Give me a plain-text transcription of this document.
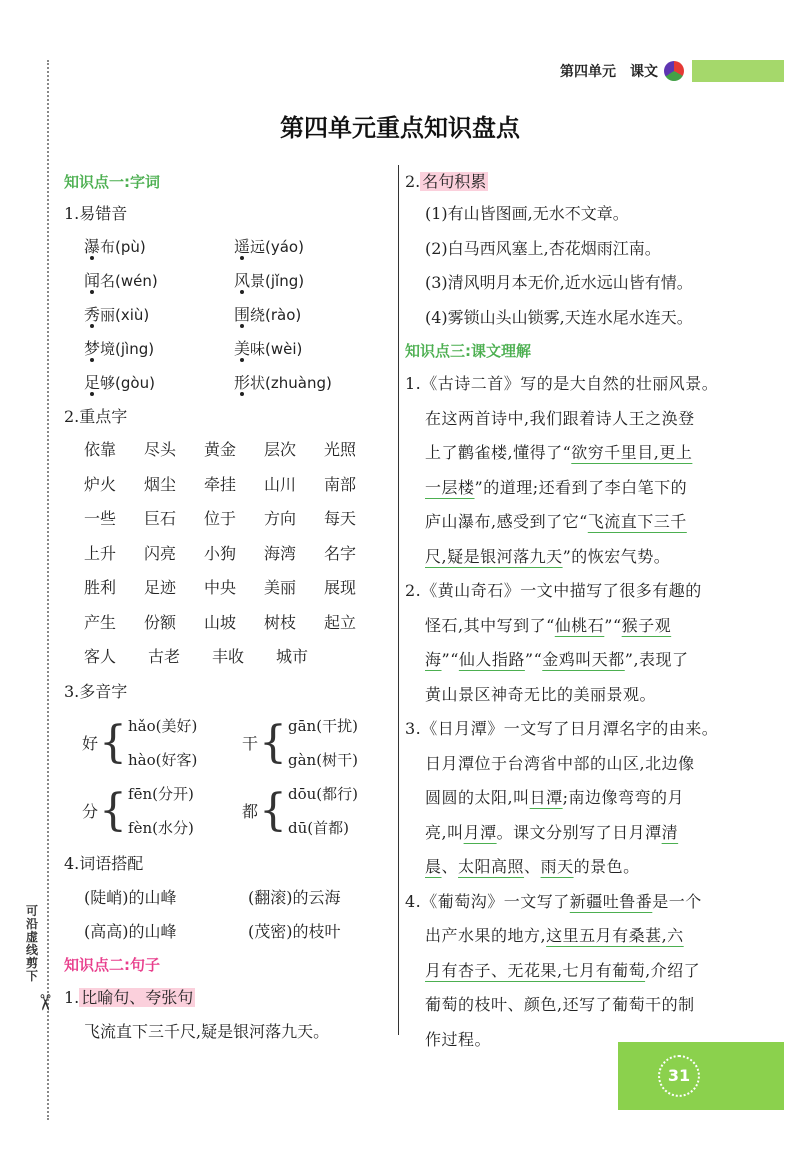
可沿虚线剪下
✂
第四单元 课文
第四单元重点知识盘点
知识点一:字词
1.易错音
瀑布(pù)	遥远(yáo)
闻名(wén)	风景(jǐng)
秀丽(xiù)	围绕(rào)
梦境(jìng)	美味(wèi)
足够(gòu)	形状(zhuàng)
2.重点字
依靠	尽头	黄金	层次	光照
炉火	烟尘	牵挂	山川	南部
一些	巨石	位于	方向	每天
上升	闪亮	小狗	海湾	名字
胜利	足迹	中央	美丽	展现
产生	份额	山坡	树枝	起立
客人	古老	丰收	城市
3.多音字
好 { hǎo(美好)
hào(好客)
干 { gān(干扰)
gàn(树干)
分 { fēn(分开)
fèn(水分)
都 { dōu(都行)
dū(首都)
4.词语搭配
(陡峭)的山峰	(翻滚)的云海
(高高)的山峰	(茂密)的枝叶
知识点二:句子
1. 比喻句、夸张句
飞流直下三千尺,疑是银河落九天。
2. 名句积累
(1)有山皆图画,无水不文章。
(2)白马西风塞上,杏花烟雨江南。
(3)清风明月本无价,近水远山皆有情。
(4)雾锁山头山锁雾,天连水尾水连天。
知识点三:课文理解
1.《古诗二首》写的是大自然的壮丽风景。
在这两首诗中,我们跟着诗人王之涣登
上了鹳雀楼,懂得了“欲穷千里目,更上
一层楼”的道理;还看到了李白笔下的
庐山瀑布,感受到了它“飞流直下三千
尺,疑是银河落九天”的恢宏气势。
2.《黄山奇石》一文中描写了很多有趣的
怪石,其中写到了“仙桃石”“猴子观
海”“仙人指路”“金鸡叫天都”,表现了
黄山景区神奇无比的美丽景观。
3.《日月潭》一文写了日月潭名字的由来。
日月潭位于台湾省中部的山区,北边像
圆圆的太阳,叫日潭;南边像弯弯的月
亮,叫月潭。课文分别写了日月潭清
晨、太阳高照、雨天的景色。
4.《葡萄沟》一文写了新疆吐鲁番是一个
出产水果的地方,这里五月有桑葚,六
月有杏子、无花果,七月有葡萄,介绍了
葡萄的枝叶、颜色,还写了葡萄干的制
作过程。
31
